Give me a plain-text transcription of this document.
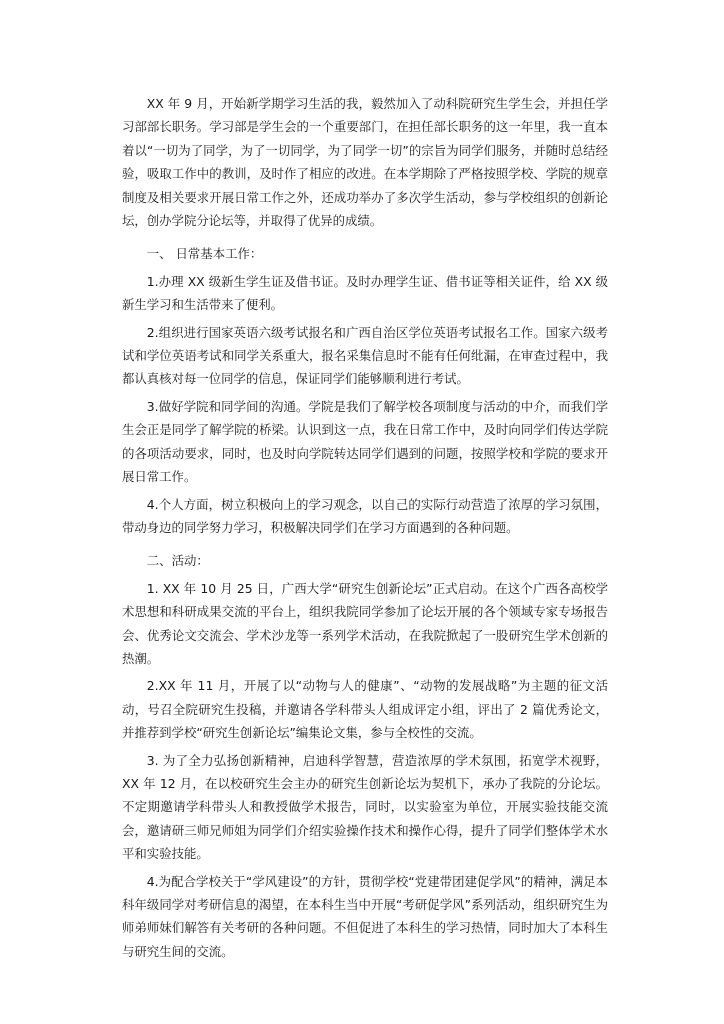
XX 年 9 月，开始新学期学习生活的我，毅然加入了动科院研究生学生会，并担任学习部部长职务。学习部是学生会的一个重要部门，在担任部长职务的这一年里，我一直本着以“一切为了同学，为了一切同学，为了同学一切”的宗旨为同学们服务，并随时总结经验，吸取工作中的教训，及时作了相应的改进。在本学期除了严格按照学校、学院的规章制度及相关要求开展日常工作之外，还成功举办了多次学生活动，参与学校组织的创新论坛，创办学院分论坛等，并取得了优异的成绩。

一、 日常基本工作：

1.办理 XX 级新生学生证及借书证。及时办理学生证、借书证等相关证件，给 XX 级新生学习和生活带来了便利。

2.组织进行国家英语六级考试报名和广西自治区学位英语考试报名工作。国家六级考试和学位英语考试和同学关系重大，报名采集信息时不能有任何纰漏，在审查过程中，我都认真核对每一位同学的信息，保证同学们能够顺利进行考试。

3.做好学院和同学间的沟通。学院是我们了解学校各项制度与活动的中介，而我们学生会正是同学了解学院的桥梁。认识到这一点，我在日常工作中，及时向同学们传达学院的各项活动要求，同时，也及时向学院转达同学们遇到的问题，按照学校和学院的要求开展日常工作。

4.个人方面，树立积极向上的学习观念，以自己的实际行动营造了浓厚的学习氛围，带动身边的同学努力学习，积极解决同学们在学习方面遇到的各种问题。

二、活动：

1. XX 年 10 月 25 日，广西大学“研究生创新论坛”正式启动。在这个广西各高校学术思想和科研成果交流的平台上，组织我院同学参加了论坛开展的各个领域专家专场报告会、优秀论文交流会、学术沙龙等一系列学术活动，在我院掀起了一股研究生学术创新的热潮。

2.XX 年 11 月，开展了以“动物与人的健康”、“动物的发展战略”为主题的征文活动，号召全院研究生投稿，并邀请各学科带头人组成评定小组，评出了 2 篇优秀论文，并推荐到学校“研究生创新论坛”编集论文集，参与全校性的交流。

3. 为了全力弘扬创新精神，启迪科学智慧，营造浓厚的学术氛围，拓宽学术视野，XX 年 12 月，在以校研究生会主办的研究生创新论坛为契机下，承办了我院的分论坛。不定期邀请学科带头人和教授做学术报告，同时，以实验室为单位，开展实验技能交流会，邀请研三师兄师姐为同学们介绍实验操作技术和操作心得，提升了同学们整体学术水平和实验技能。

4.为配合学校关于“学风建设”的方针，贯彻学校“党建带团建促学风”的精神，满足本科年级同学对考研信息的渴望，在本科生当中开展“考研促学风”系列活动，组织研究生为师弟师妹们解答有关考研的各种问题。不但促进了本科生的学习热情，同时加大了本科生与研究生间的交流。
